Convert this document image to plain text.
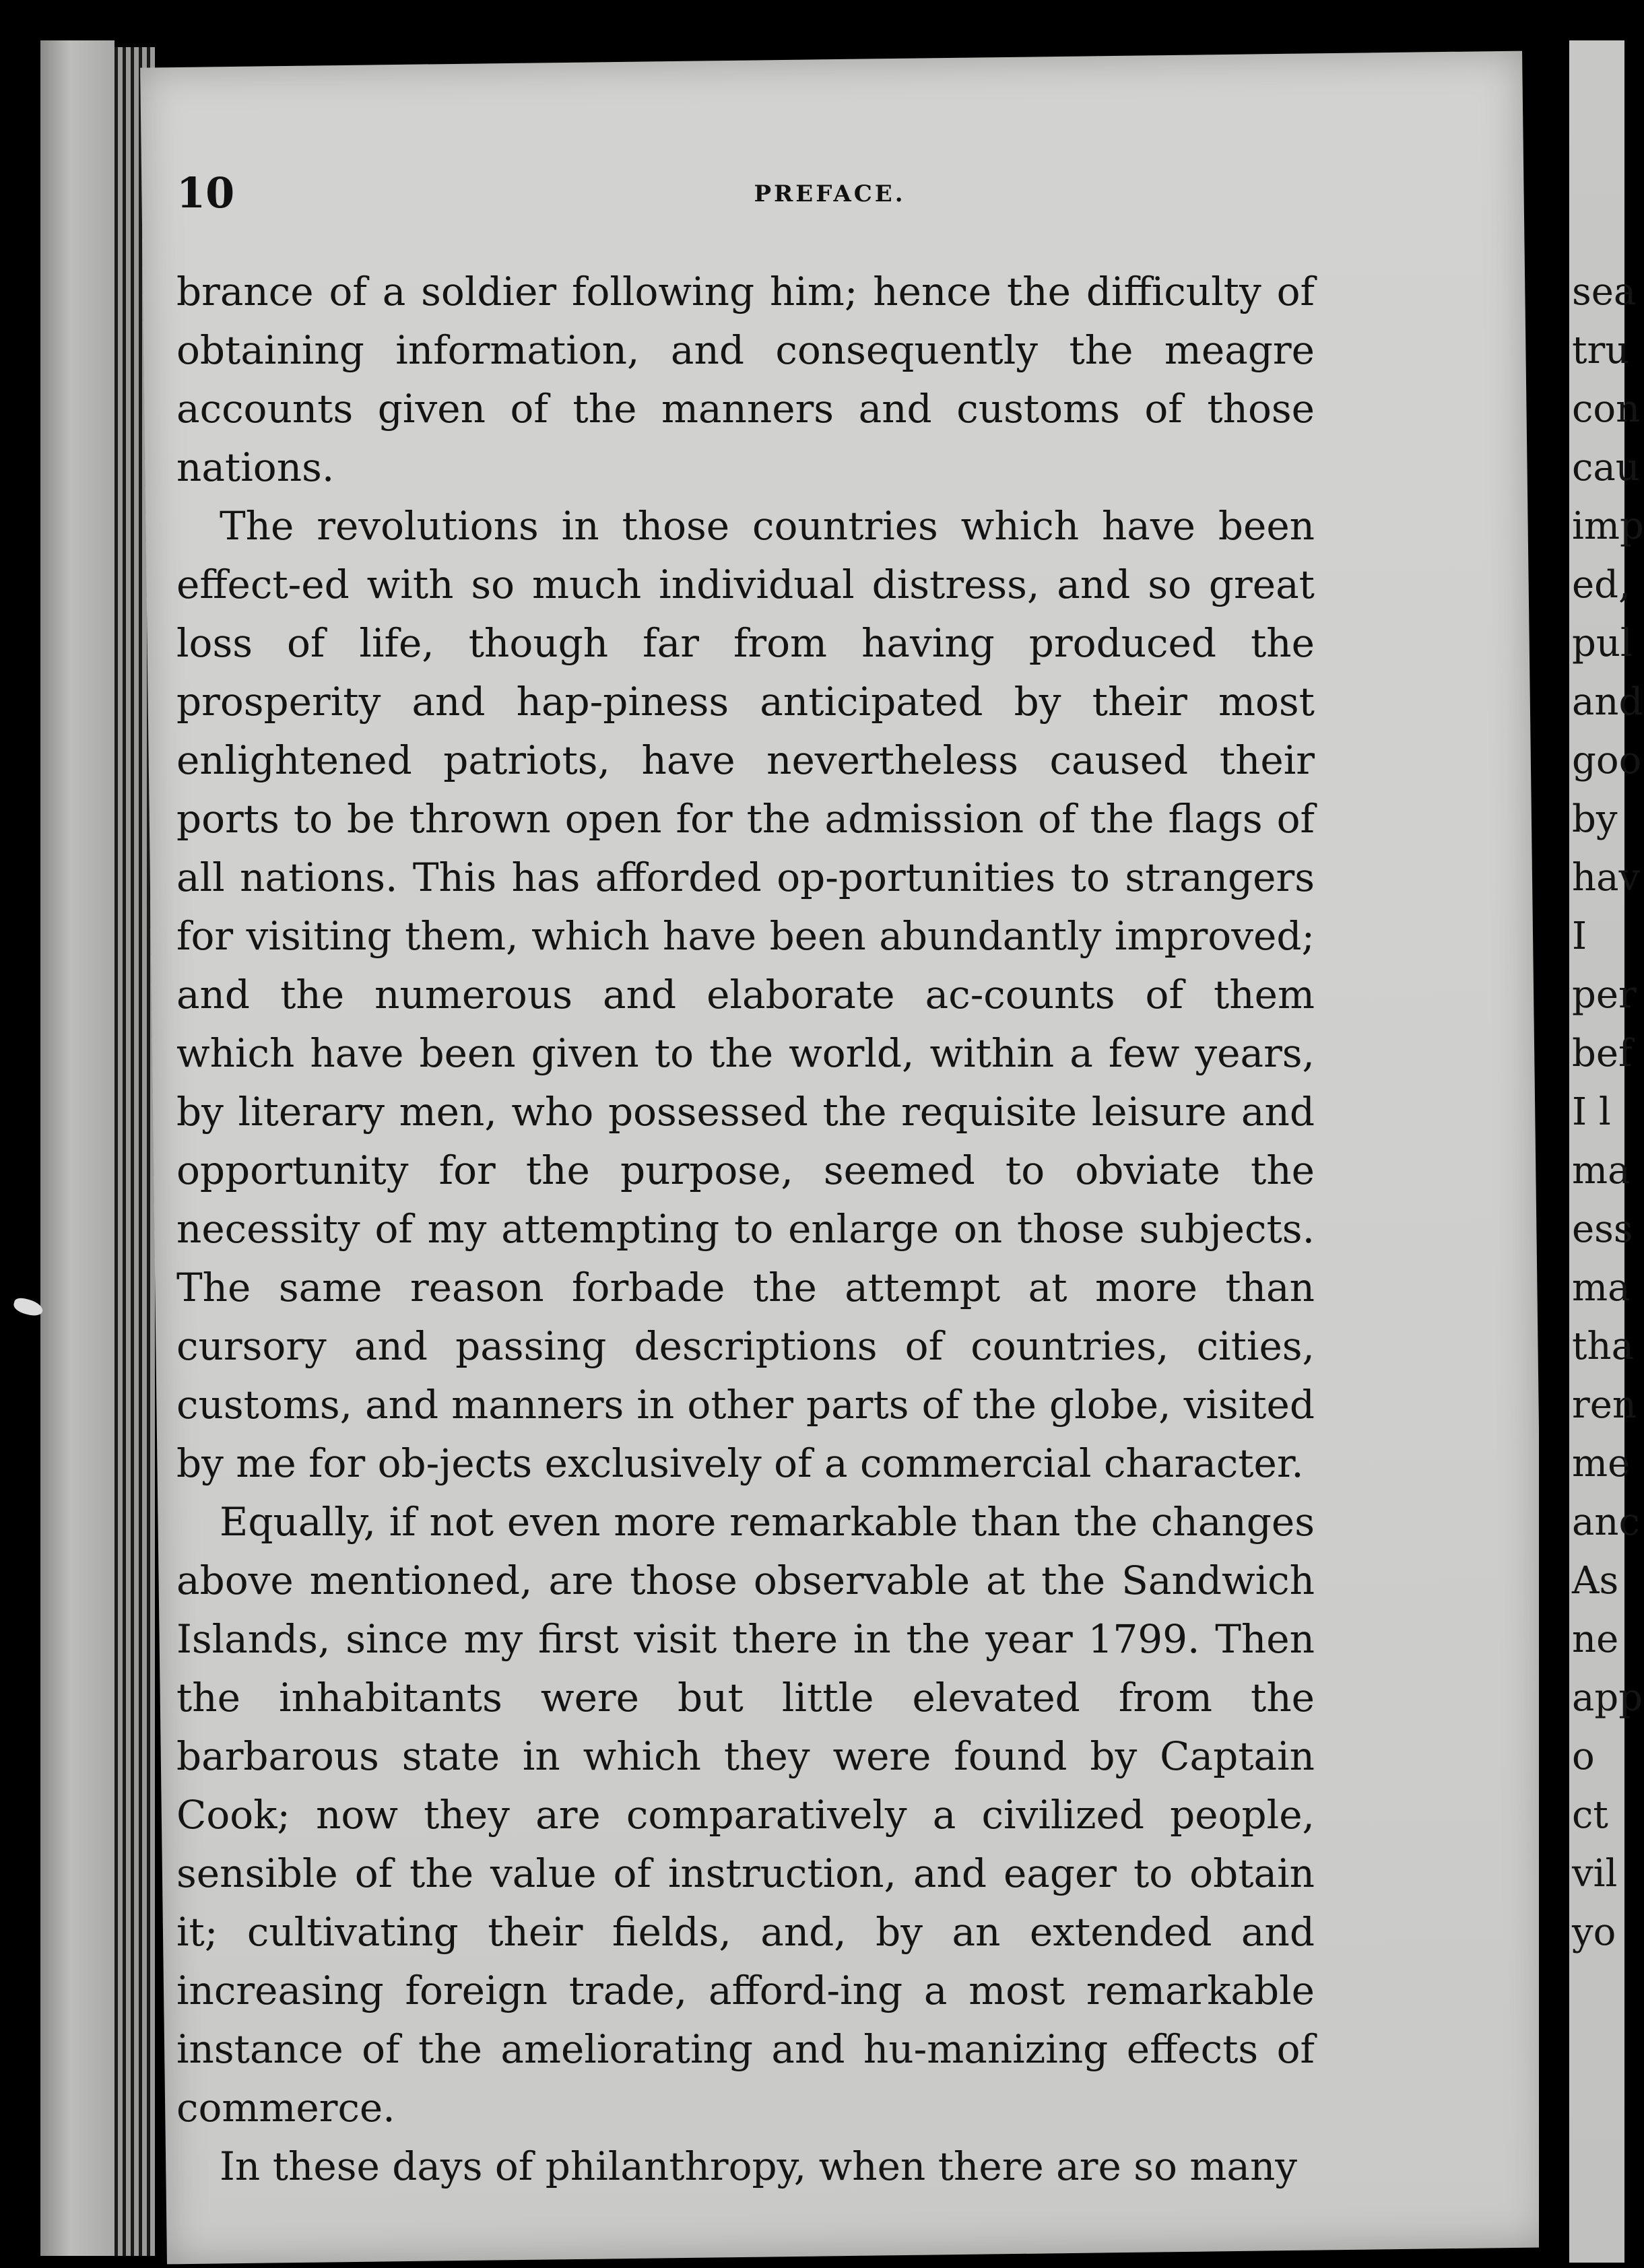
10	PREFACE.

brance of a soldier following him; hence the difficulty of obtaining information, and consequently the meagre accounts given of the manners and customs of those nations.

The revolutions in those countries which have been effect-ed with so much individual distress, and so great loss of life, though far from having produced the prosperity and hap-piness anticipated by their most enlightened patriots, have nevertheless caused their ports to be thrown open for the admission of the flags of all nations. This has afforded op-portunities to strangers for visiting them, which have been abundantly improved; and the numerous and elaborate ac-counts of them which have been given to the world, within a few years, by literary men, who possessed the requisite leisure and opportunity for the purpose, seemed to obviate the necessity of my attempting to enlarge on those subjects. The same reason forbade the attempt at more than cursory and passing descriptions of countries, cities, customs, and manners in other parts of the globe, visited by me for ob-jects exclusively of a commercial character.

Equally, if not even more remarkable than the changes above mentioned, are those observable at the Sandwich Islands, since my first visit there in the year 1799. Then the inhabitants were but little elevated from the barbarous state in which they were found by Captain Cook; now they are comparatively a civilized people, sensible of the value of instruction, and eager to obtain it; cultivating their fields, and, by an extended and increasing foreign trade, afford-ing a most remarkable instance of the ameliorating and hu-manizing effects of commerce.

In these days of philanthropy, when there are so many

sea
tru
con
cau
imp
ed,
pul
and
goo
by
hav
I
per
bef
I l
ma
ess
ma
tha
ren
me
anc
As
ne
app
o
ct
vil
yo
